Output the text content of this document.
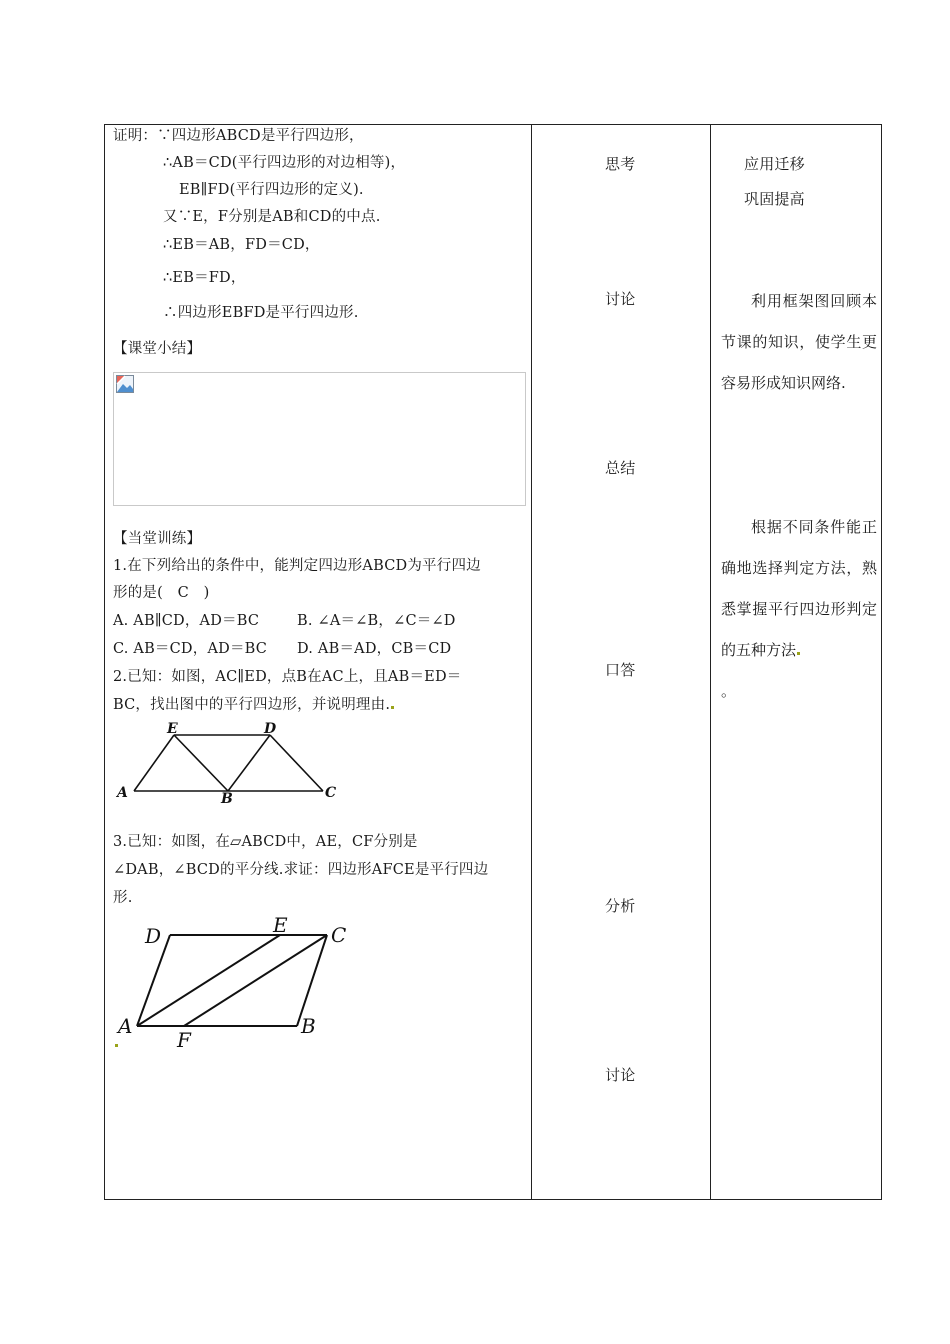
证明：∵四边形ABCD是平行四边形，
∴AB＝CD(平行四边形的对边相等)，
EB∥FD(平行四边形的定义).
又∵E，F分别是AB和CD的中点.
∴EB＝AB，FD＝CD，
∴EB＝FD，
∴四边形EBFD是平行四边形.
【课堂小结】
【当堂训练】
1.在下列给出的条件中，能判定四边形ABCD为平行四边
形的是(　C　)
A. AB∥CD，AD＝BC	B. ∠A＝∠B，∠C＝∠D
C. AB＝CD，AD＝BC D. AB＝AD，CB＝CD
2.已知：如图，AC∥ED，点B在AC上，且AB＝ED＝
BC，找出图中的平行四边形，并说明理由.
E	D
A	B	C
3.已知：如图，在▱ABCD中，AE，CF分别是
∠DAB，∠BCD的平分线.求证：四边形AFCE是平行四边
形.
D	E C
A
F
B
思考
讨论
总结
口答
分析
讨论
应用迁移
巩固提高
利用框架图回顾本节课的知识，使学生更容易形成知识网络.
根据不同条件能正确地选择判定方法，熟悉掌握平行四边形判定的五种方法
。
